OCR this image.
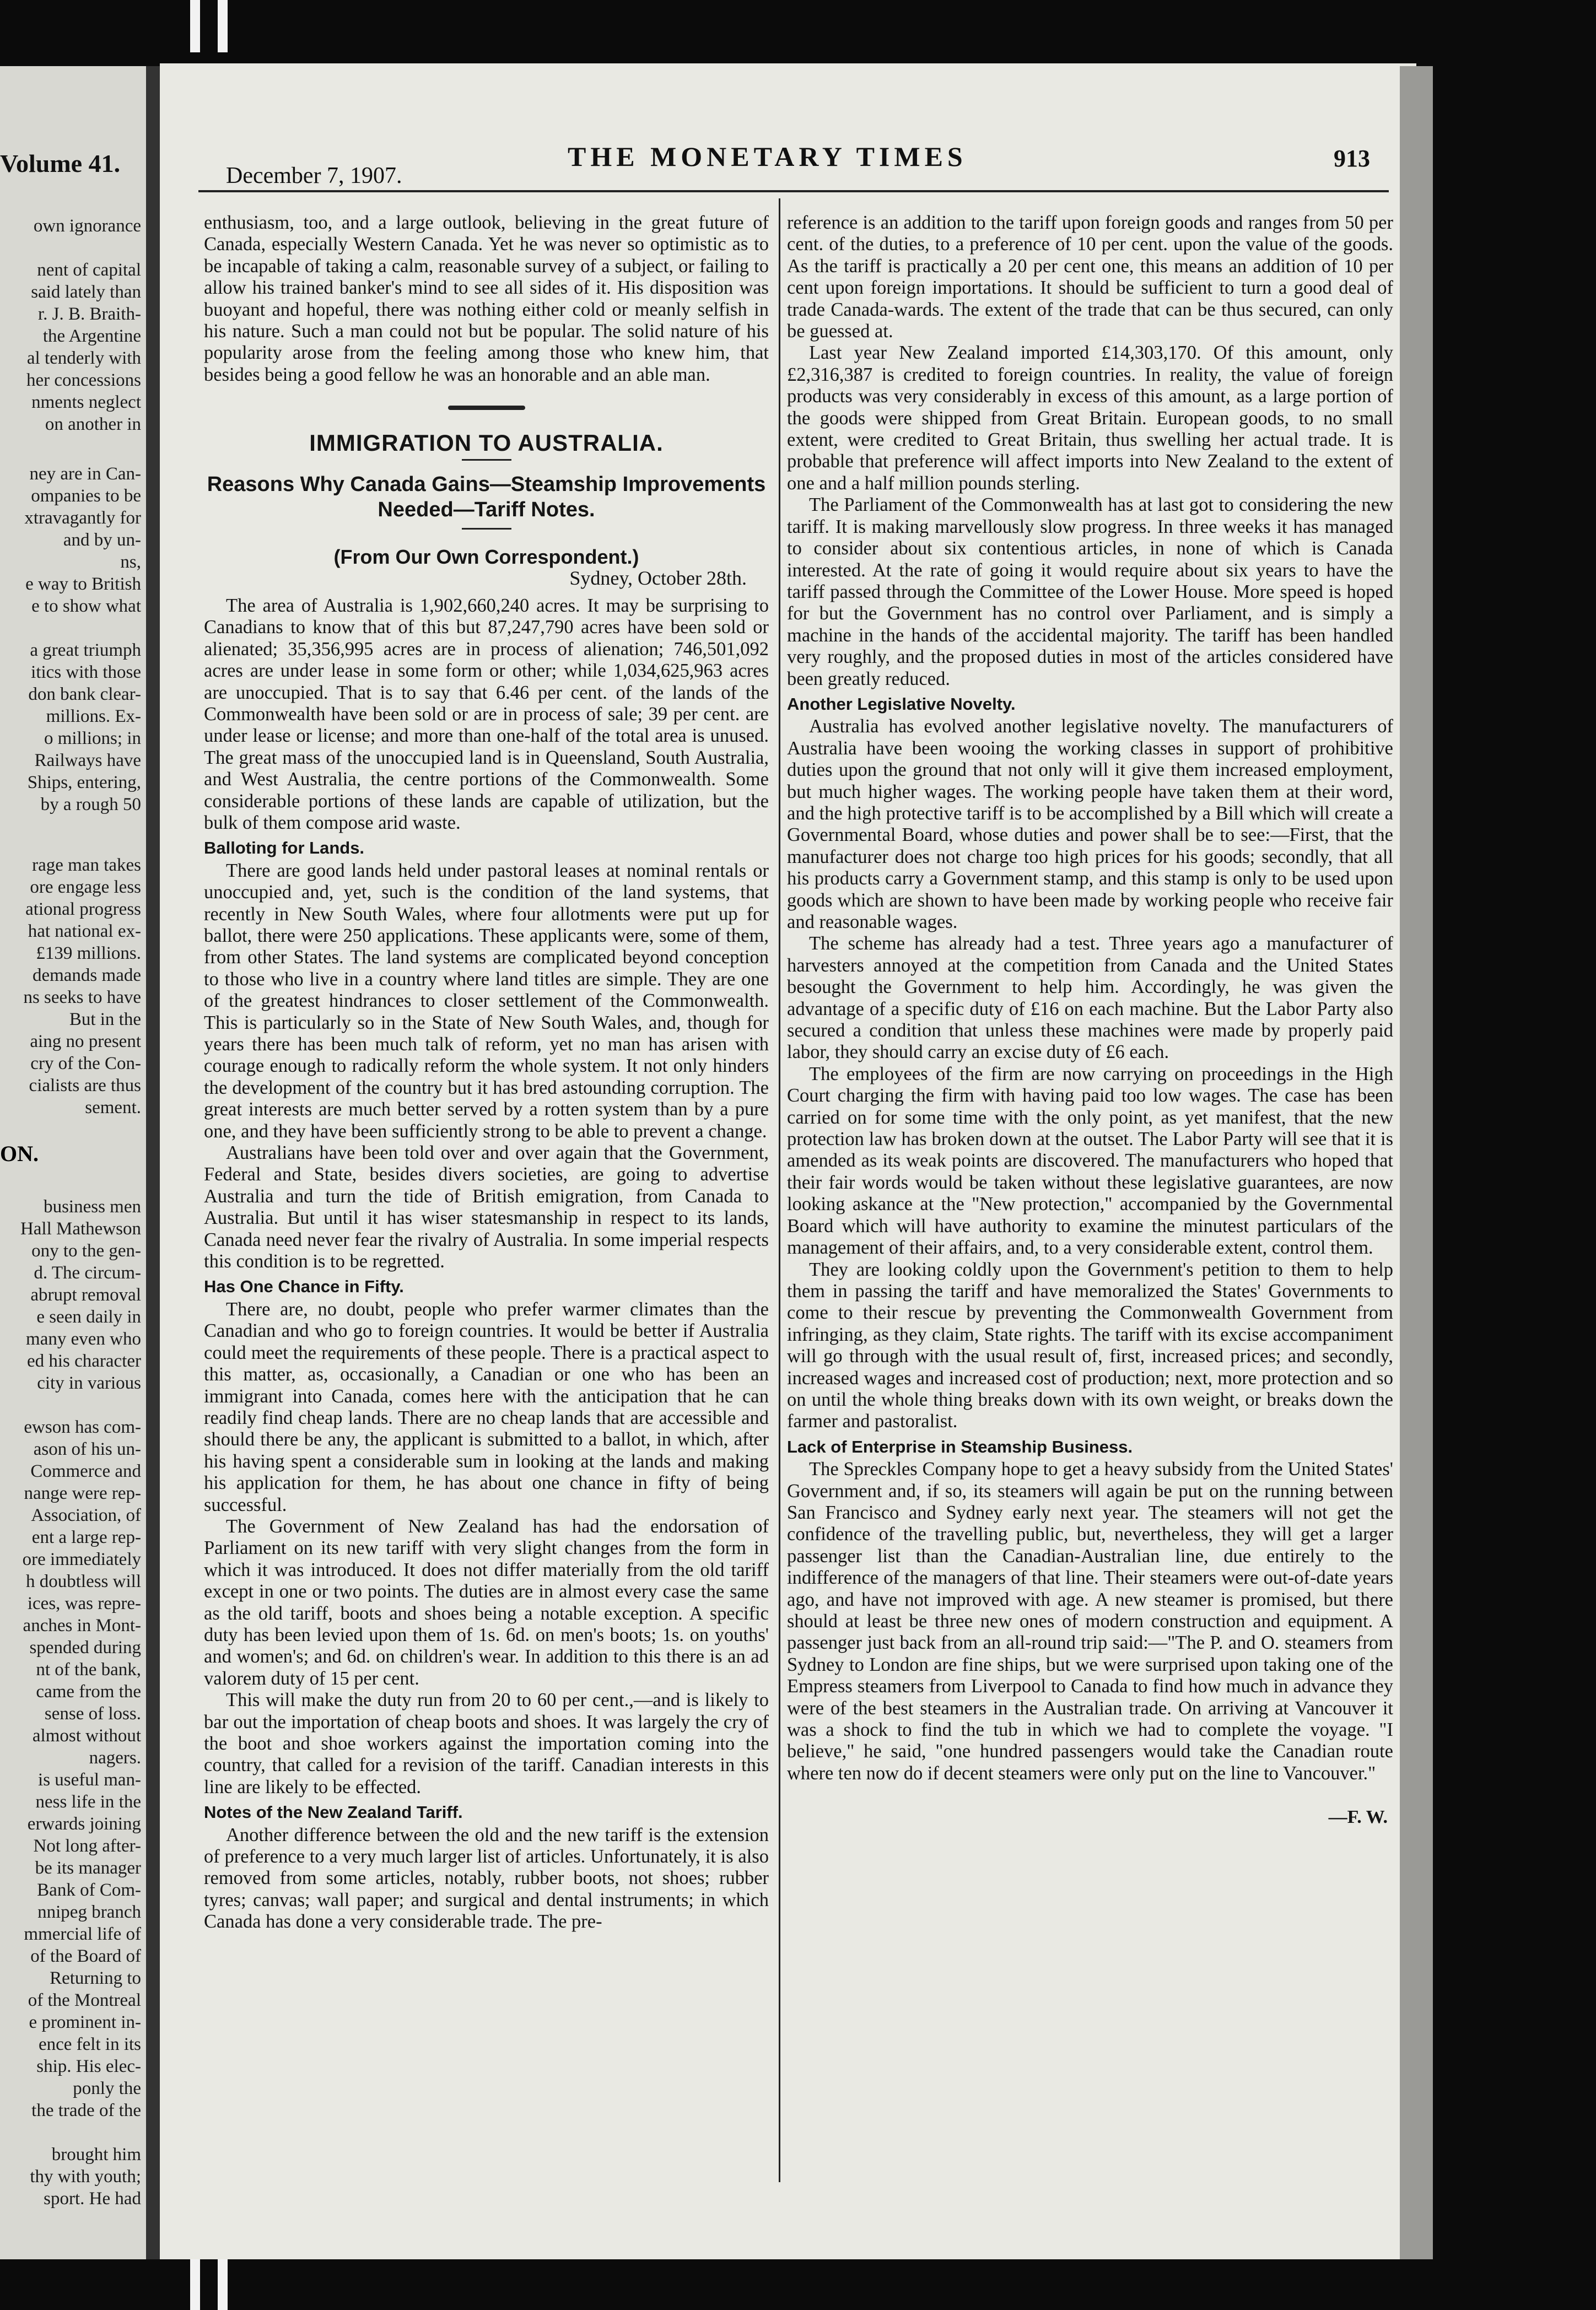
Volume 41.
own ignorance

nent of capital
said lately than
r. J. B. Braith-
the Argentine
al tenderly with
her concessions
nments neglect
on another in
ney are in Can-
ompanies to be
xtravagantly for
and by un-
ns,
e way to British
e to show what

a great triumph
itics with those
don bank clear-
millions. Ex-
o millions; in
Railways have
Ships, entering,
by a rough 50
rage man takes
ore engage less
ational progress
hat national ex-
£139 millions.
demands made
ns seeks to have
But in the
aing no present
cry of the Con-
cialists are thus
sement.
ON.
business men
Hall Mathewson
ony to the gen-
d. The circum-
abrupt removal
e seen daily in
many even who
ed his character
city in various

ewson has com-
ason of his un-
Commerce and
nange were rep-
Association, of
ent a large rep-
ore immediately
h doubtless will
ices, was repre-
anches in Mont-
spended during
nt of the bank,
came from the
sense of loss.
almost without
nagers.
is useful man-
ness life in the
erwards joining
Not long after-
be its manager
Bank of Com-
nnipeg branch
mmercial life of
of the Board of
Returning to
of the Montreal
e prominent in-
ence felt in its
ship. His elec-
ponly the
the trade of the

brought him
thy with youth;
sport. He had
December 7, 1907.
THE MONETARY TIMES	913

enthusiasm, too, and a large outlook, believing in the great future of Canada, especially Western Canada. Yet he was never so optimistic as to be incapable of taking a calm, reasonable survey of a subject, or failing to allow his trained banker's mind to see all sides of it. His disposition was buoyant and hopeful, there was nothing either cold or meanly selfish in his nature. Such a man could not but be popular. The solid nature of his popularity arose from the feeling among those who knew him, that besides being a good fellow he was an honorable and an able man.

IMMIGRATION TO AUSTRALIA.
Reasons Why Canada Gains—Steamship Improvements Needed—Tariff Notes.
(From Our Own Correspondent.)
Sydney, October 28th.

The area of Australia is 1,902,660,240 acres. It may be surprising to Canadians to know that of this but 87,247,790 acres have been sold or alienated; 35,356,995 acres are in process of alienation; 746,501,092 acres are under lease in some form or other; while 1,034,625,963 acres are unoccupied. That is to say that 6.46 per cent. of the lands of the Commonwealth have been sold or are in process of sale; 39 per cent. are under lease or license; and more than one-half of the total area is unused. The great mass of the unoccupied land is in Queensland, South Australia, and West Australia, the centre portions of the Commonwealth. Some considerable portions of these lands are capable of utilization, but the bulk of them compose arid waste.

Balloting for Lands.

There are good lands held under pastoral leases at nominal rentals or unoccupied and, yet, such is the condition of the land systems, that recently in New South Wales, where four allotments were put up for ballot, there were 250 applications. These applicants were, some of them, from other States. The land systems are complicated beyond conception to those who live in a country where land titles are simple. They are one of the greatest hindrances to closer settlement of the Commonwealth. This is particularly so in the State of New South Wales, and, though for years there has been much talk of reform, yet no man has arisen with courage enough to radically reform the whole system. It not only hinders the development of the country but it has bred astounding corruption. The great interests are much better served by a rotten system than by a pure one, and they have been sufficiently strong to be able to prevent a change.

Australians have been told over and over again that the Government, Federal and State, besides divers societies, are going to advertise Australia and turn the tide of British emigration, from Canada to Australia. But until it has wiser statesmanship in respect to its lands, Canada need never fear the rivalry of Australia. In some imperial respects this condition is to be regretted.

Has One Chance in Fifty.

There are, no doubt, people who prefer warmer climates than the Canadian and who go to foreign countries. It would be better if Australia could meet the requirements of these people. There is a practical aspect to this matter, as, occasionally, a Canadian or one who has been an immigrant into Canada, comes here with the anticipation that he can readily find cheap lands. There are no cheap lands that are accessible and should there be any, the applicant is submitted to a ballot, in which, after his having spent a considerable sum in looking at the lands and making his application for them, he has about one chance in fifty of being successful.

The Government of New Zealand has had the endorsation of Parliament on its new tariff with very slight changes from the form in which it was introduced. It does not differ materially from the old tariff except in one or two points. The duties are in almost every case the same as the old tariff, boots and shoes being a notable exception. A specific duty has been levied upon them of 1s. 6d. on men's boots; 1s. on youths' and women's; and 6d. on children's wear. In addition to this there is an ad valorem duty of 15 per cent.

This will make the duty run from 20 to 60 per cent.,—and is likely to bar out the importation of cheap boots and shoes. It was largely the cry of the boot and shoe workers against the importation coming into the country, that called for a revision of the tariff. Canadian interests in this line are likely to be effected.

Notes of the New Zealand Tariff.

Another difference between the old and the new tariff is the extension of preference to a very much larger list of articles. Unfortunately, it is also removed from some articles, notably, rubber boots, not shoes; rubber tyres; canvas; wall paper; and surgical and dental instruments; in which Canada has done a very considerable trade. The pre-

reference is an addition to the tariff upon foreign goods and ranges from 50 per cent. of the duties, to a preference of 10 per cent. upon the value of the goods. As the tariff is practically a 20 per cent one, this means an addition of 10 per cent upon foreign importations. It should be sufficient to turn a good deal of trade Canada-wards. The extent of the trade that can be thus secured, can only be guessed at.

Last year New Zealand imported £14,303,170. Of this amount, only £2,316,387 is credited to foreign countries. In reality, the value of foreign products was very considerably in excess of this amount, as a large portion of the goods were shipped from Great Britain. European goods, to no small extent, were credited to Great Britain, thus swelling her actual trade. It is probable that preference will affect imports into New Zealand to the extent of one and a half million pounds sterling.

The Parliament of the Commonwealth has at last got to considering the new tariff. It is making marvellously slow progress. In three weeks it has managed to consider about six contentious articles, in none of which is Canada interested. At the rate of going it would require about six years to have the tariff passed through the Committee of the Lower House. More speed is hoped for but the Government has no control over Parliament, and is simply a machine in the hands of the accidental majority. The tariff has been handled very roughly, and the proposed duties in most of the articles considered have been greatly reduced.

Another Legislative Novelty.

Australia has evolved another legislative novelty. The manufacturers of Australia have been wooing the working classes in support of prohibitive duties upon the ground that not only will it give them increased employment, but much higher wages. The working people have taken them at their word, and the high protective tariff is to be accomplished by a Bill which will create a Governmental Board, whose duties and power shall be to see:—First, that the manufacturer does not charge too high prices for his goods; secondly, that all his products carry a Government stamp, and this stamp is only to be used upon goods which are shown to have been made by working people who receive fair and reasonable wages.

The scheme has already had a test. Three years ago a manufacturer of harvesters annoyed at the competition from Canada and the United States besought the Government to help him. Accordingly, he was given the advantage of a specific duty of £16 on each machine. But the Labor Party also secured a condition that unless these machines were made by properly paid labor, they should carry an excise duty of £6 each.

The employees of the firm are now carrying on proceedings in the High Court charging the firm with having paid too low wages. The case has been carried on for some time with the only point, as yet manifest, that the new protection law has broken down at the outset. The Labor Party will see that it is amended as its weak points are discovered. The manufacturers who hoped that their fair words would be taken without these legislative guarantees, are now looking askance at the "New protection," accompanied by the Governmental Board which will have authority to examine the minutest particulars of the management of their affairs, and, to a very considerable extent, control them.

They are looking coldly upon the Government's petition to them to help them in passing the tariff and have memoralized the States' Governments to come to their rescue by preventing the Commonwealth Government from infringing, as they claim, State rights. The tariff with its excise accompaniment will go through with the usual result of, first, increased prices; and secondly, increased wages and increased cost of production; next, more protection and so on until the whole thing breaks down with its own weight, or breaks down the farmer and pastoralist.

Lack of Enterprise in Steamship Business.

The Spreckles Company hope to get a heavy subsidy from the United States' Government and, if so, its steamers will again be put on the running between San Francisco and Sydney early next year. The steamers will not get the confidence of the travelling public, but, nevertheless, they will get a larger passenger list than the Canadian-Australian line, due entirely to the indifference of the managers of that line. Their steamers were out-of-date years ago, and have not improved with age. A new steamer is promised, but there should at least be three new ones of modern construction and equipment. A passenger just back from an all-round trip said:—"The P. and O. steamers from Sydney to London are fine ships, but we were surprised upon taking one of the Empress steamers from Liverpool to Canada to find how much in advance they were of the best steamers in the Australian trade. On arriving at Vancouver it was a shock to find the tub in which we had to complete the voyage. "I believe," he said, "one hundred passengers would take the Canadian route where ten now do if decent steamers were only put on the line to Vancouver."

—F. W.
